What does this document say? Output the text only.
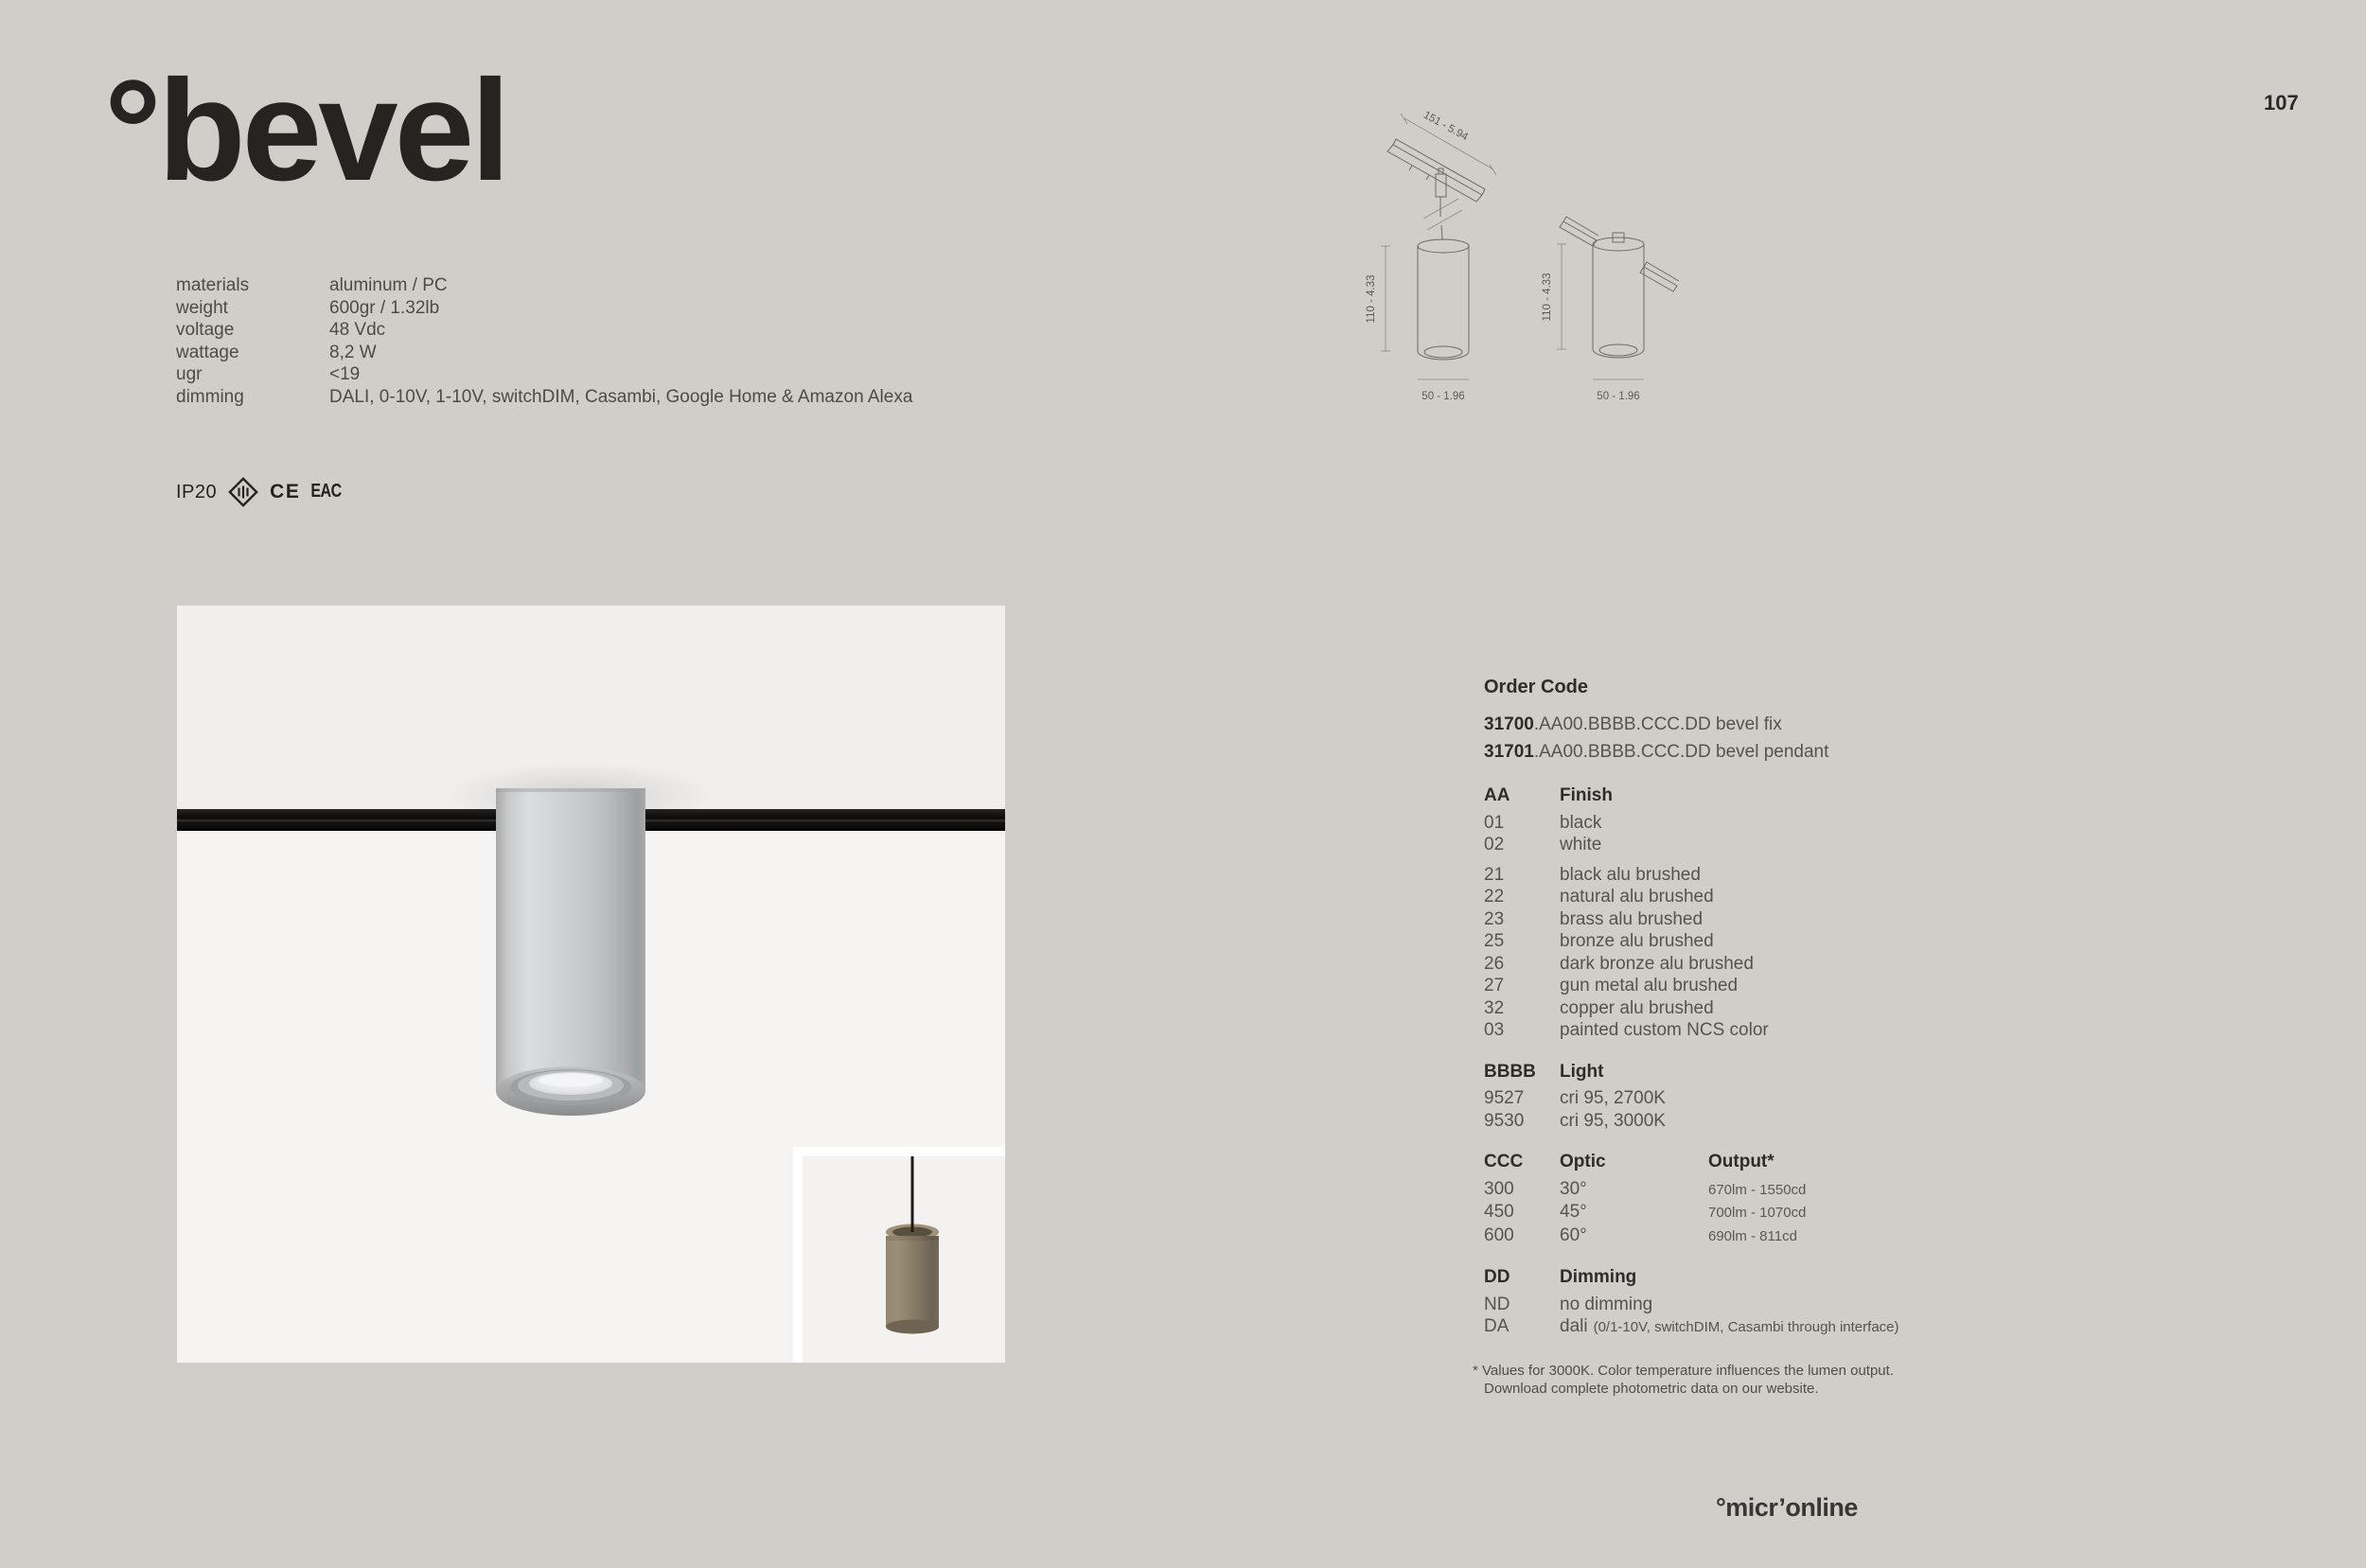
107
°bevel
materials	aluminum / PC
weight	600gr / 1.32lb
voltage	48 Vdc
wattage	8,2 W
ugr	<19
dimming	DALI, 0-10V, 1-10V, switchDIM, Casambi, Google Home & Amazon Alexa
IP20	CE EAC
151 - 5.94
110 - 4.33
50 - 1.96
110 - 4.33
50 - 1.96
Order Code
31700.AA00.BBBB.CCC.DD bevel fix
31701.AA00.BBBB.CCC.DD bevel pendant
AA	Finish
01	black
02	white
21	black alu brushed
22	natural alu brushed
23	brass alu brushed
25	bronze alu brushed
26	dark bronze alu brushed
27	gun metal alu brushed
32	copper alu brushed
03	painted custom NCS color
BBBB	Light
9527	cri 95, 2700K
9530	cri 95, 3000K
CCC	Optic	Output*
300	30°	670lm - 1550cd
450	45°	700lm - 1070cd
600	60°	690lm - 811cd
DD	Dimming
ND	no dimming
DA	dali (0/1-10V, switchDIM, Casambi through interface)
* Values for 3000K. Color temperature influences the lumen output.
Download complete photometric data on our website.
°micr’online
